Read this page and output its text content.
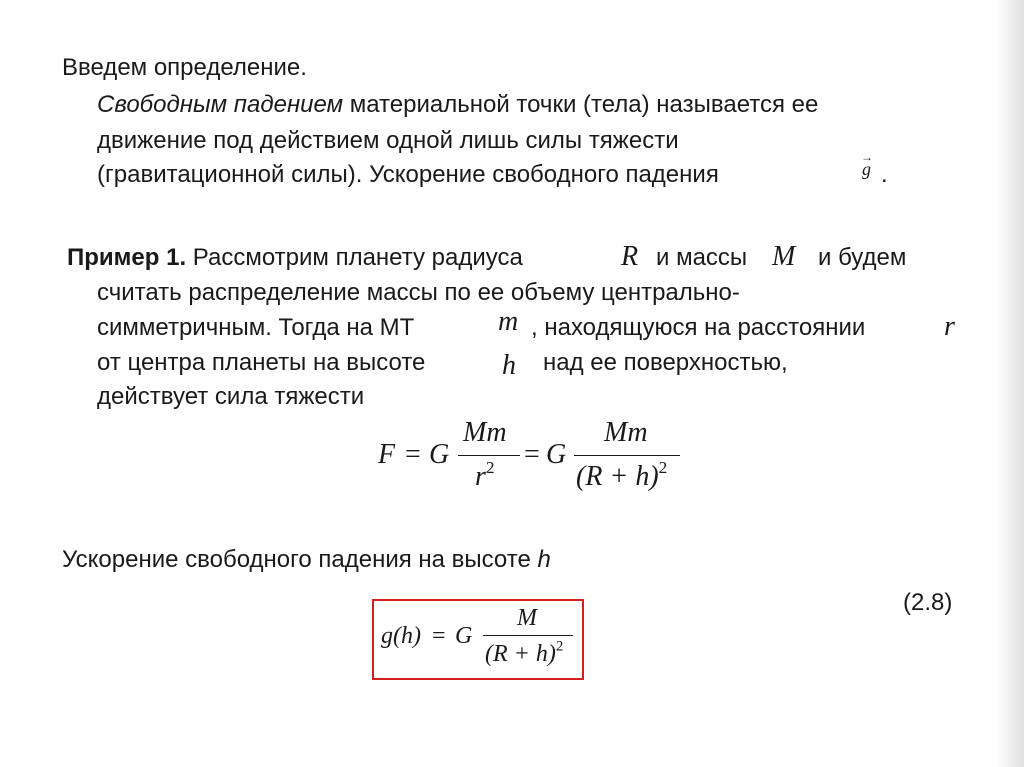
Введем определение.
Свободным падением материальной точки (тела) называется ее
движение под действием одной лишь силы тяжести
(гравитационной силы). Ускорение свободного падения
→
g .
Пример 1. Рассмотрим планету радиуса	R и массы M и будем
считать распределение массы по ее объему центрально-
симметричным. Тогда на МТ	m , находящуюся на расстоянии	r
от центра планеты на высоте	h над ее поверхностью,
действует сила тяжести
F = G
Mm
$r^2 = G$
Mm
$(R + h)^2$
Ускорение свободного падения на высоте h
(2.8)
g(h) = G
M
$(R + h)^2$
